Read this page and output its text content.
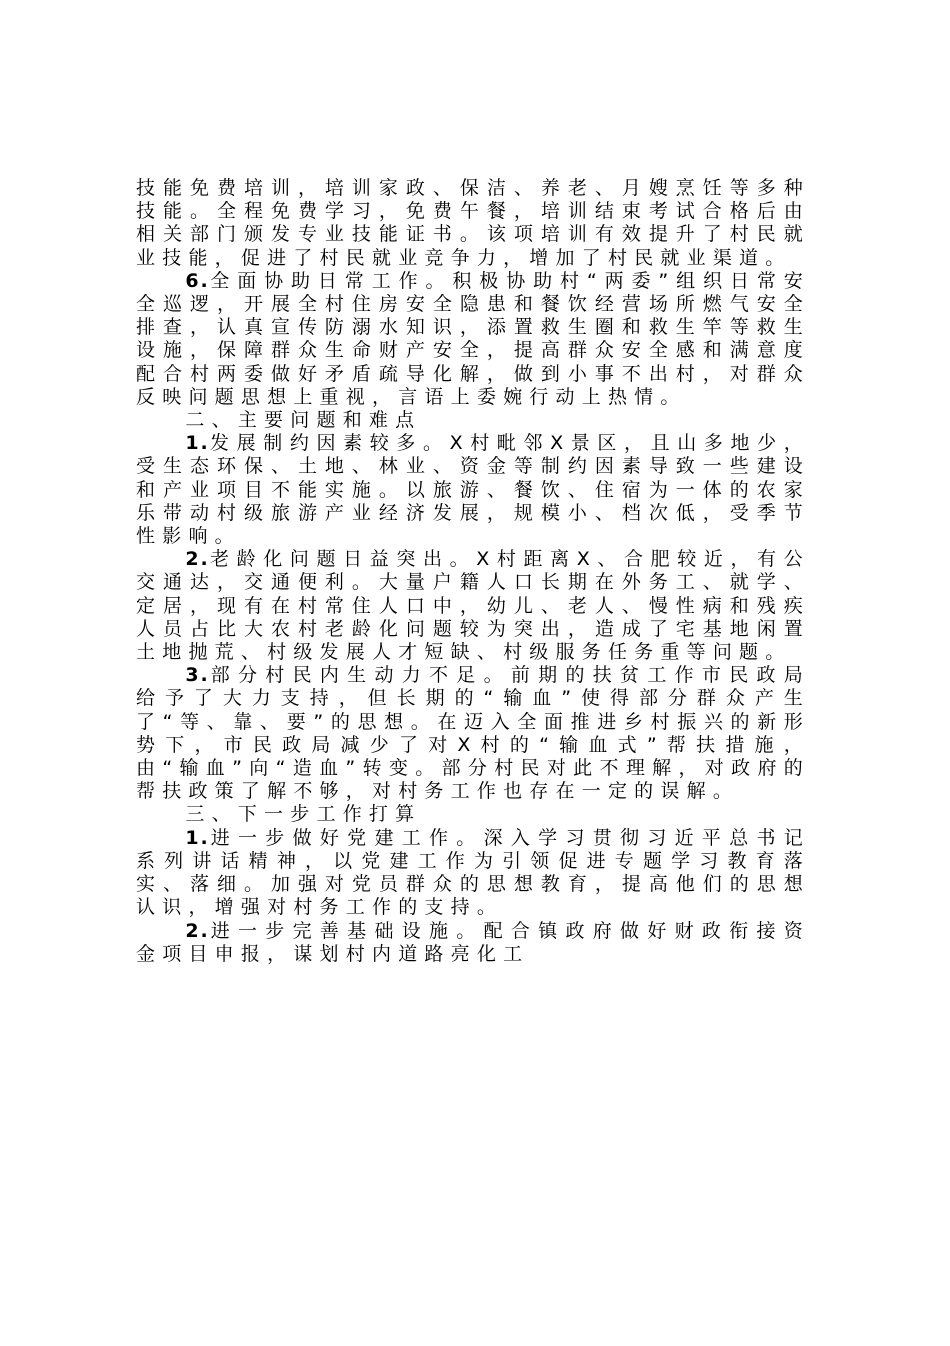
技能免费培训，培训家政、保洁、养老、月嫂烹饪等多种技能。全程免费学习，免费午餐，培训结束考试合格后由相关部门颁发专业技能证书。该项培训有效提升了村民就业技能，促进了村民就业竞争力，增加了村民就业渠道。

6.全面协助日常工作。积极协助村“两委”组织日常安全巡逻，开展全村住房安全隐患和餐饮经营场所燃气安全排查，认真宣传防溺水知识，添置救生圈和救生竿等救生设施，保障群众生命财产安全，提高群众安全感和满意度配合村两委做好矛盾疏导化解，做到小事不出村，对群众反映问题思想上重视，言语上委婉行动上热情。

二、主要问题和难点

1.发展制约因素较多。X村毗邻X景区，且山多地少，受生态环保、土地、林业、资金等制约因素导致一些建设和产业项目不能实施。以旅游、餐饮、住宿为一体的农家乐带动村级旅游产业经济发展，规模小、档次低，受季节性影响。

2.老龄化问题日益突出。X村距离X、合肥较近，有公交通达，交通便利。大量户籍人口长期在外务工、就学、定居，现有在村常住人口中，幼儿、老人、慢性病和残疾人员占比大农村老龄化问题较为突出，造成了宅基地闲置土地抛荒、村级发展人才短缺、村级服务任务重等问题。

3.部分村民内生动力不足。前期的扶贫工作市民政局给予了大力支持，但长期的“输血”使得部分群众产生了“等、靠、要”的思想。在迈入全面推进乡村振兴的新形势下，市民政局减少了对X村的“输血式”帮扶措施，由“输血”向“造血”转变。部分村民对此不理解，对政府的帮扶政策了解不够，对村务工作也存在一定的误解。

三、下一步工作打算

1.进一步做好党建工作。深入学习贯彻习近平总书记系列讲话精神，以党建工作为引领促进专题学习教育落实、落细。加强对党员群众的思想教育，提高他们的思想认识，增强对村务工作的支持。

2.进一步完善基础设施。配合镇政府做好财政衔接资金项目申报，谋划村内道路亮化工
